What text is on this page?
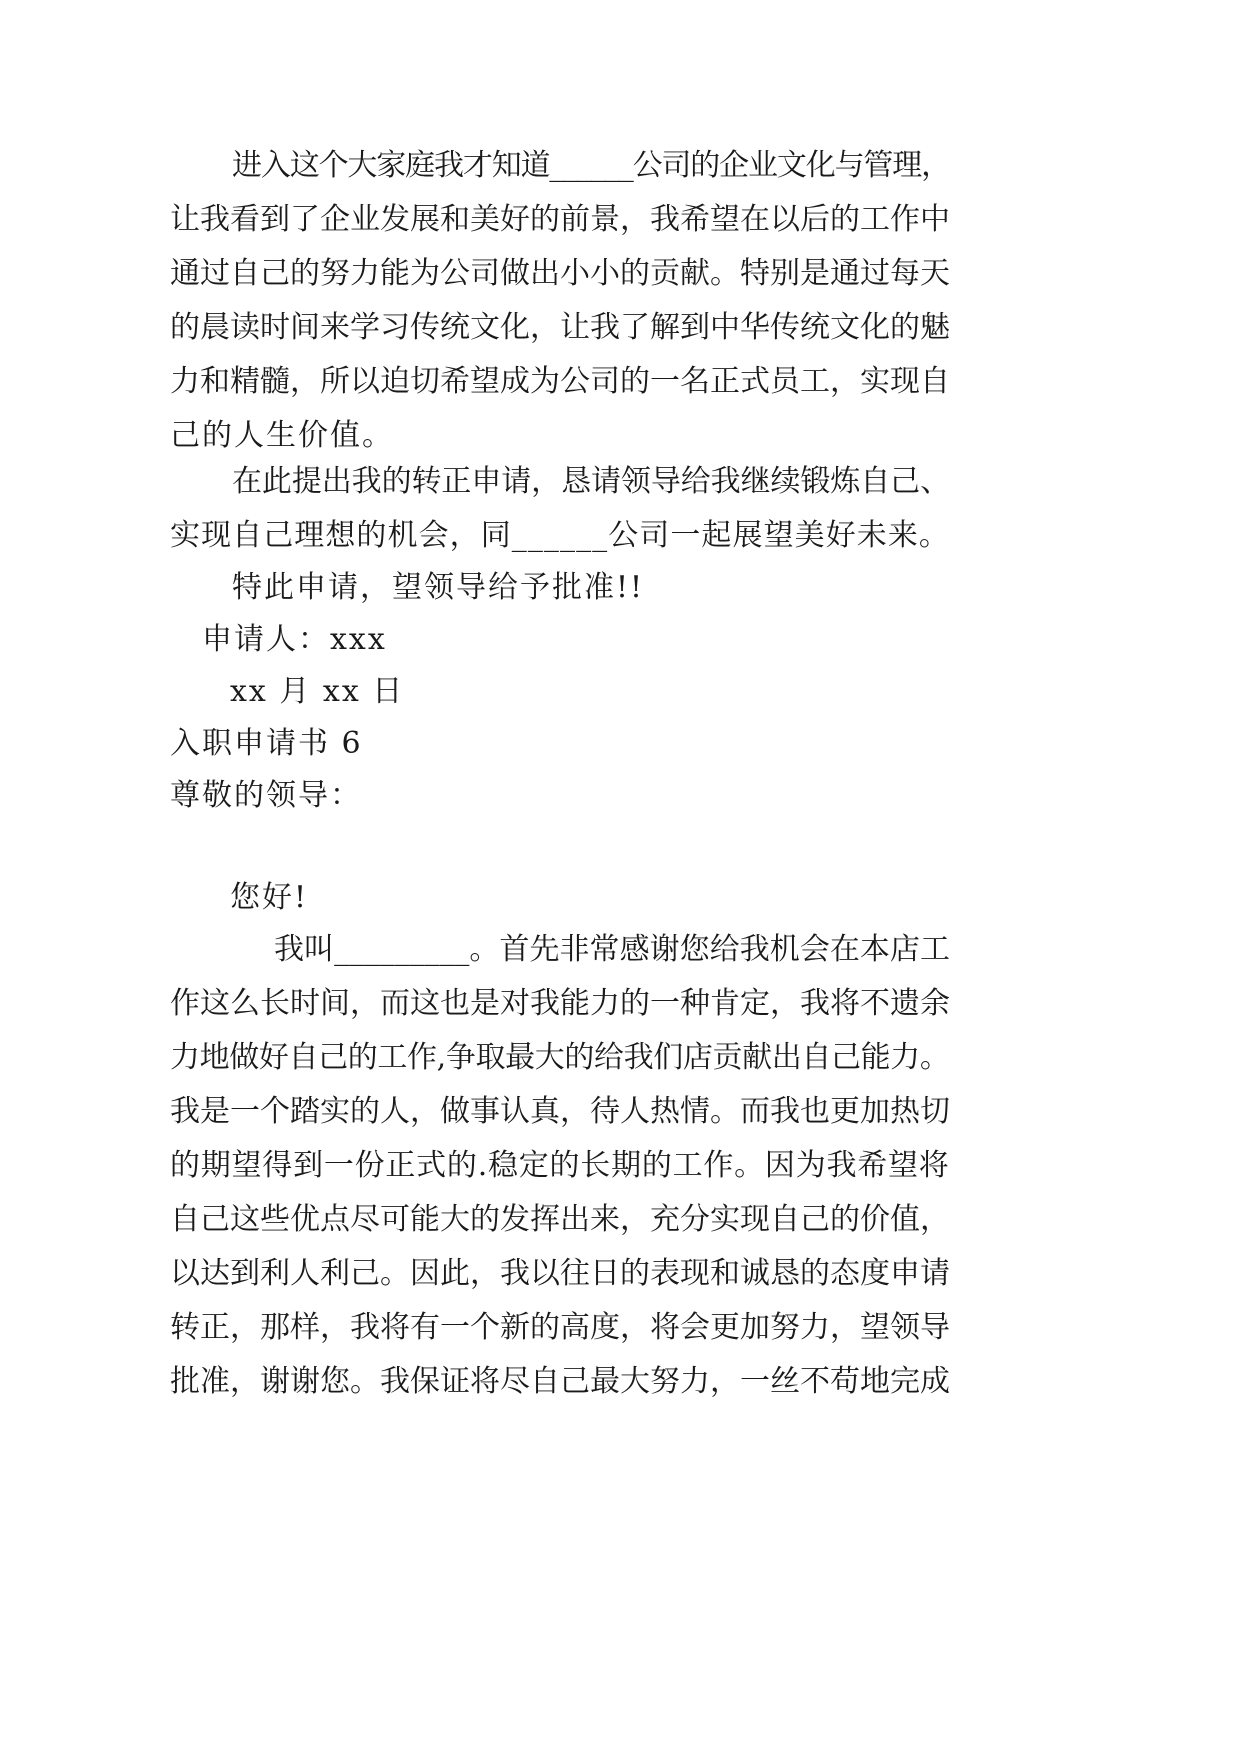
进入这个大家庭我才知道______公司的企业文化与管理，
让我看到了企业发展和美好的前景，我希望在以后的工作中
通过自己的努力能为公司做出小小的贡献。特别是通过每天
的晨读时间来学习传统文化，让我了解到中华传统文化的魅
力和精髓，所以迫切希望成为公司的一名正式员工，实现自
己的人生价值。
在此提出我的转正申请，恳请领导给我继续锻炼自己、
实现自己理想的机会，同______公司一起展望美好未来。
特此申请，望领导给予批准!!
申请人：xxx
xx 月 xx 日
入职申请书 6
尊敬的领导：
您好!
我叫_________。首先非常感谢您给我机会在本店工
作这么长时间，而这也是对我能力的一种肯定，我将不遗余
力地做好自己的工作,争取最大的给我们店贡献出自己能力。
我是一个踏实的人，做事认真，待人热情。而我也更加热切
的期望得到一份正式的.稳定的长期的工作。因为我希望将
自己这些优点尽可能大的发挥出来，充分实现自己的价值，
以达到利人利己。因此，我以往日的表现和诚恳的态度申请
转正，那样，我将有一个新的高度，将会更加努力，望领导
批准，谢谢您。我保证将尽自己最大努力，一丝不苟地完成
